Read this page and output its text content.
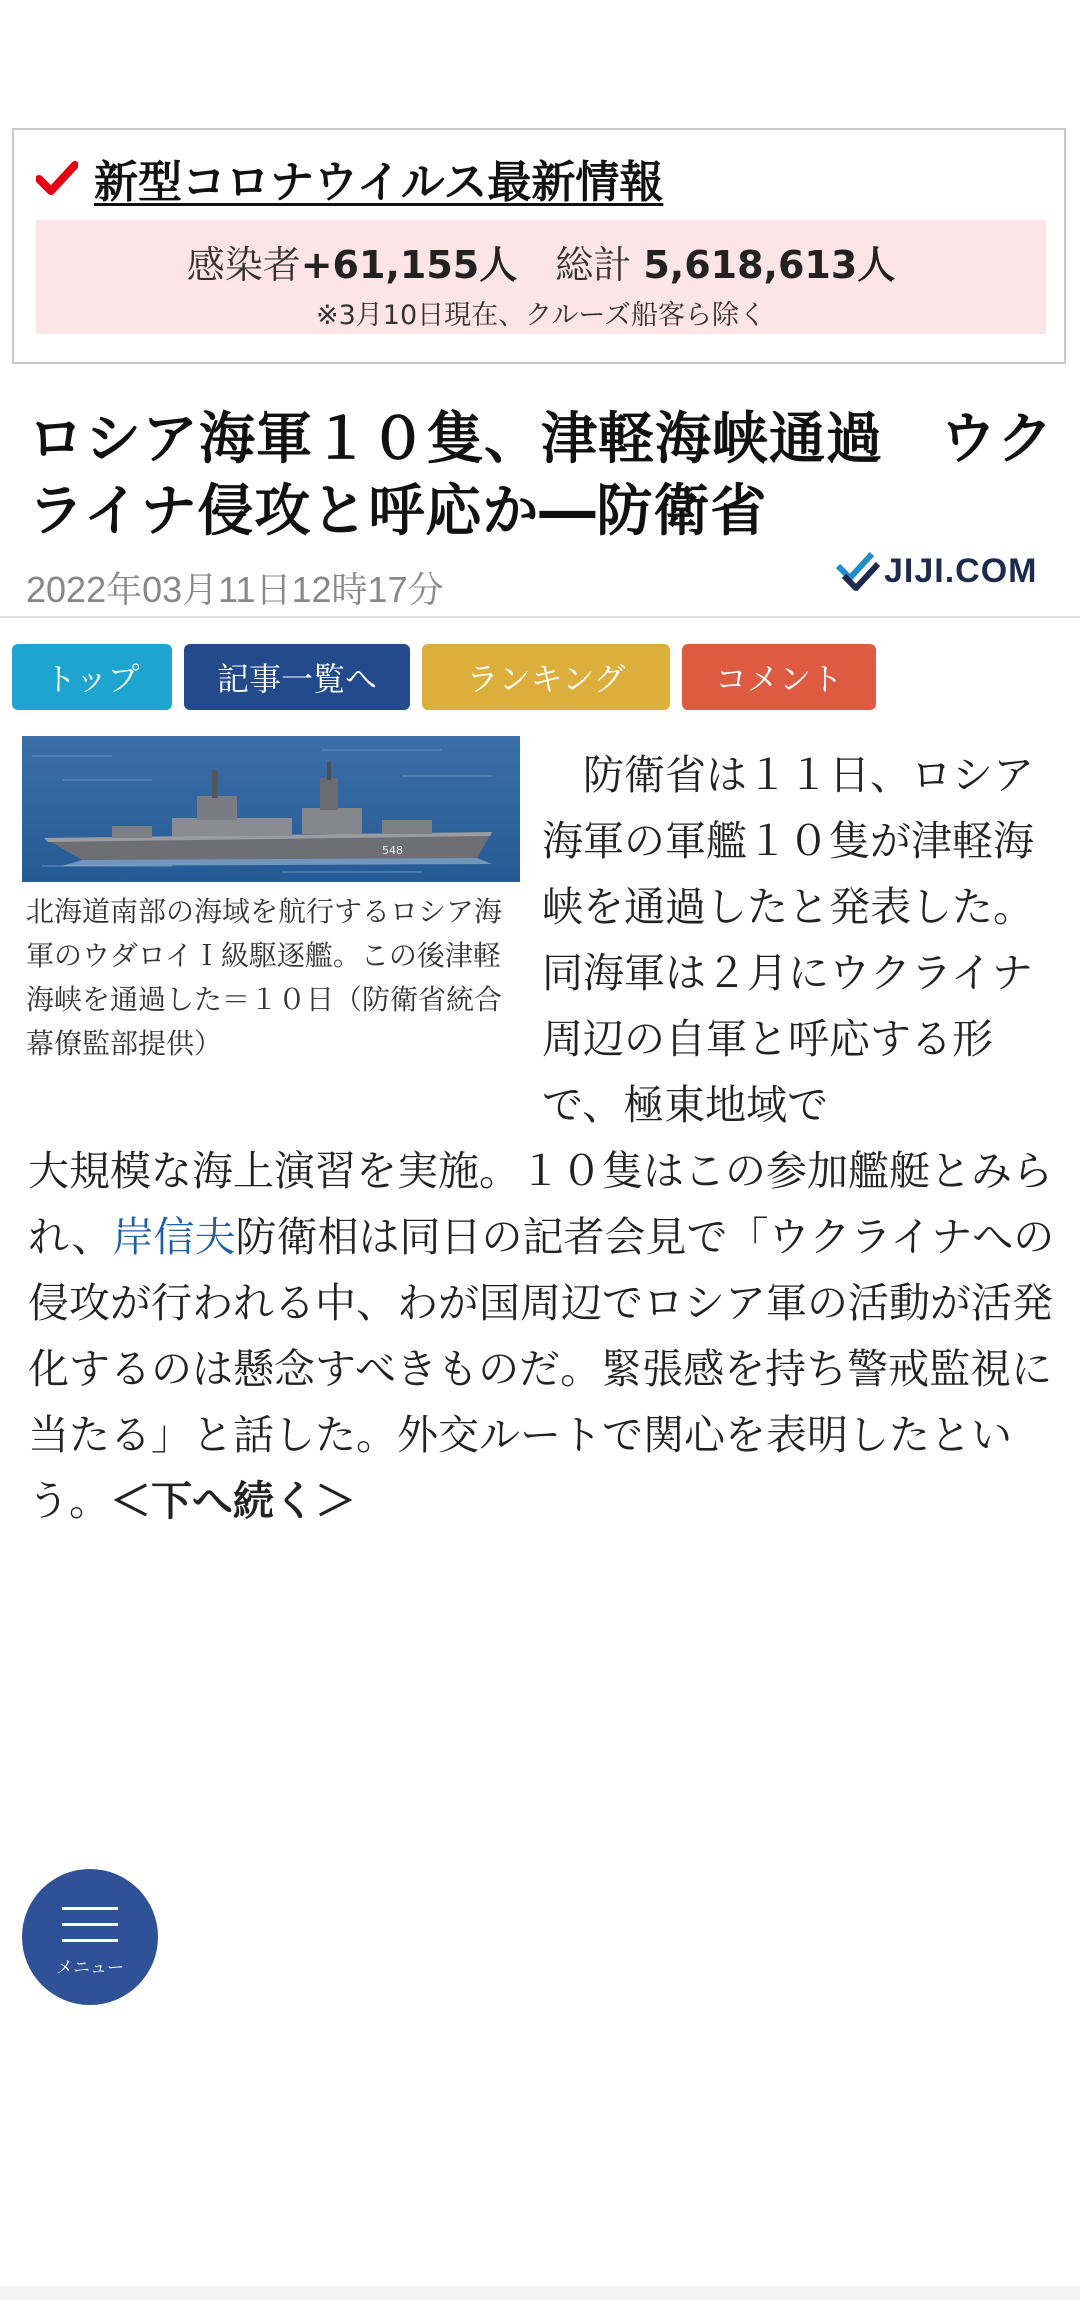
新型コロナウイルス最新情報
感染者+61,155人 総計 5,618,613人
※3月10日現在、クルーズ船客ら除く
ロシア海軍１０隻、津軽海峡通過　ウク
ライナ侵攻と呼応か―防衛省
2022年03月11日12時17分	JIJI.COM
トップ	記事一覧へ	ランキング	コメント
548

北海道南部の海域を航行するロシア海軍のウダロイＩ級駆逐艦。この後津軽海峡を通過した＝１０日（防衛省統合幕僚監部提供）

　防衛省は１１日、ロシア海軍の軍艦１０隻が津軽海峡を通過したと発表した。同海軍は２月にウクライナ周辺の自軍と呼応する形で、極東地域で

大規模な海上演習を実施。１０隻はこの参加艦艇とみられ、岸信夫防衛相は同日の記者会見で「ウクライナへの侵攻が行われる中、わが国周辺でロシア軍の活動が活発化するのは懸念すべきものだ。緊張感を持ち警戒監視に当たる」と話した。外交ルートで関心を表明したという。＜下へ続く＞

メニュー
